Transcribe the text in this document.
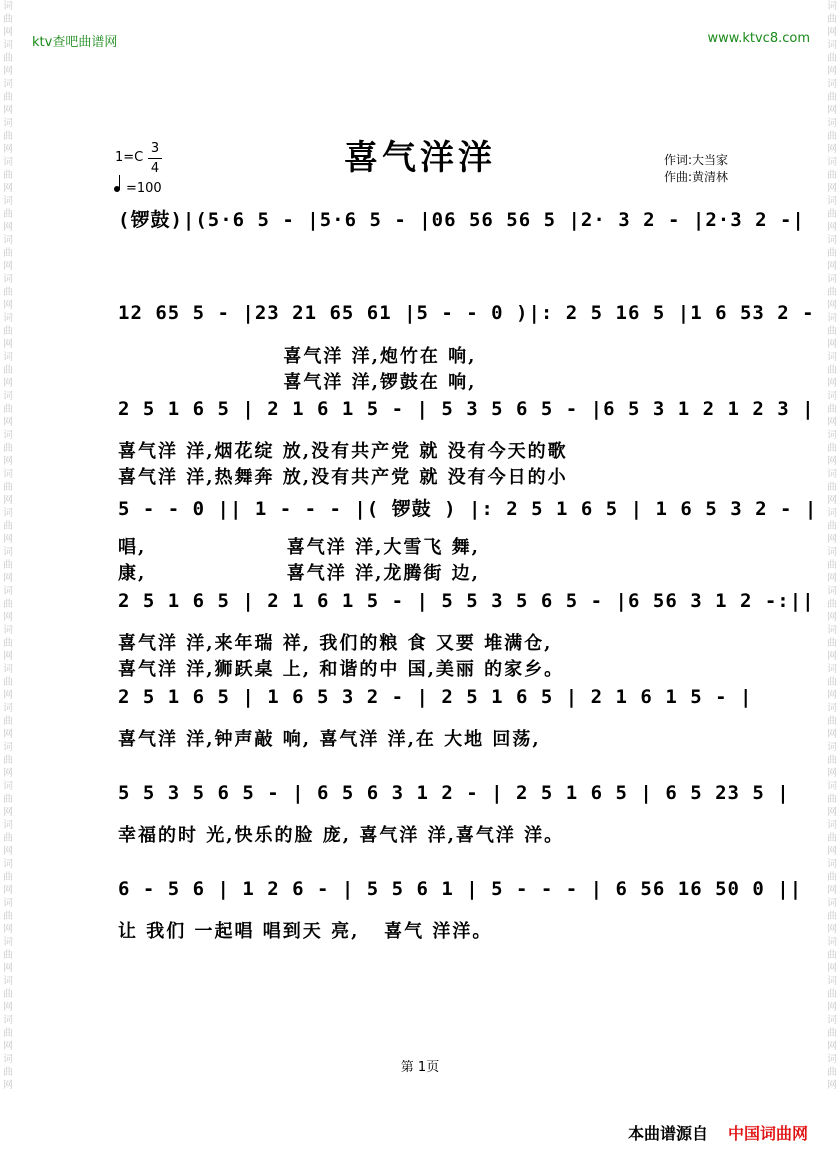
词曲网词曲网词曲网词曲网词曲网词曲网词曲网词曲网词曲网词曲网词曲网词曲网词曲网词曲网词曲网词曲网词曲网词曲网词曲网词曲网词曲网词曲网词曲网词曲网词曲网词曲网词曲网词曲网
词曲网词曲网词曲网词曲网词曲网词曲网词曲网词曲网词曲网词曲网词曲网词曲网词曲网词曲网词曲网词曲网词曲网词曲网词曲网词曲网词曲网词曲网词曲网词曲网词曲网词曲网词曲网词曲网
ktv查吧曲谱网	www.ktvc8.com
喜气洋洋
1=C
3
4
=100
作词:大当家
作曲:黄清林
(锣鼓)|(5·6 5 - |5·6 5 - |06 56 56 5 |2· 3 2 - |2·3 2 -|
12 65 5 - |23 21 65 61 |5 - - 0 )|: 2 5 16 5 |1 6 53 2 -
2 5 1 6 5 | 2 1 6 1 5 - | 5 3 5 6 5 - |6 5 3 1 2 1 2 3 |
5 - - 0 || 1 - - - |( 锣鼓 ) |: 2 5 1 6 5 | 1 6 5 3 2 - |
2 5 1 6 5 | 2 1 6 1 5 - | 5 5 3 5 6 5 - |6 56 3 1 2 -:||
2 5 1 6 5 | 1 6 5 3 2 - | 2 5 1 6 5 | 2 1 6 1 5 - |
5 5 3 5 6 5 - | 6 5 6 3 1 2 - | 2 5 1 6 5 | 6 5 23 5 |
6 - 5 6 | 1 2 6 - | 5 5 6 1 | 5 - - - | 6 56 16 50 0 ||
喜气洋 洋,炮竹在 响,
喜气洋 洋,锣鼓在 响,
喜气洋 洋,烟花绽 放,没有共产党 就 没有今天的歌
喜气洋 洋,热舞奔 放,没有共产党 就 没有今日的小
唱,                 喜气洋 洋,大雪飞 舞,
康,                 喜气洋 洋,龙腾街 边,
喜气洋 洋,来年瑞 祥, 我们的粮 食 又要 堆满仓,
喜气洋 洋,狮跃桌 上, 和谐的中 国,美丽 的家乡。
喜气洋 洋,钟声敲 响, 喜气洋 洋,在 大地 回荡,
幸福的时 光,快乐的脸 庞, 喜气洋 洋,喜气洋 洋。
让 我们 一起唱 唱到天 亮,   喜气 洋洋。
第 1页
本曲谱源自 中国词曲网
